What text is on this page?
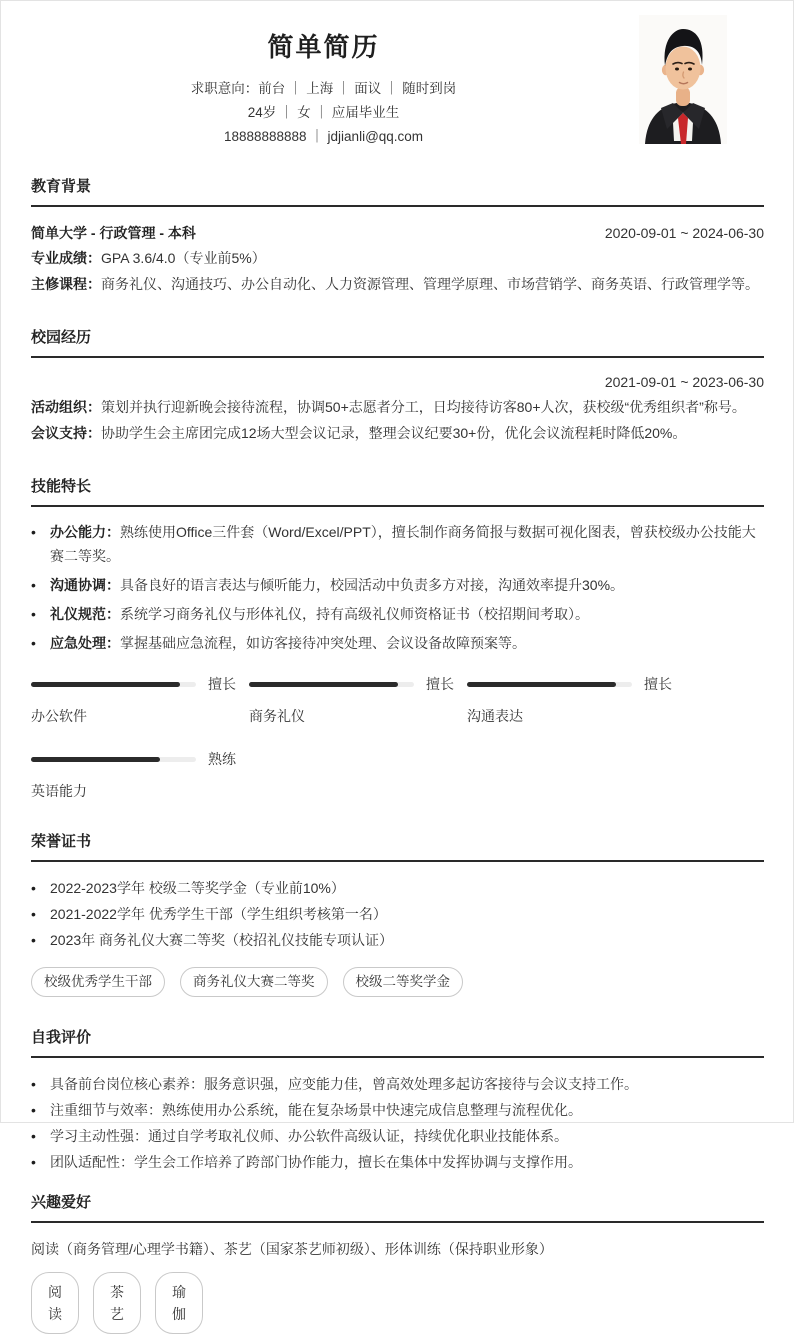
简单简历
求职意向：前台 ｜ 上海 ｜ 面议 ｜ 随时到岗
24岁 ｜ 女 ｜ 应届毕业生
18888888888 ｜ jdjianli@qq.com
教育背景
简单大学 - 行政管理 - 本科	2020-09-01 ~ 2024-06-30
专业成绩：GPA 3.6/4.0（专业前5%）
主修课程：商务礼仪、沟通技巧、办公自动化、人力资源管理、管理学原理、市场营销学、商务英语、行政管理学等。
校园经历
2021-09-01 ~ 2023-06-30
活动组织：策划并执行迎新晚会接待流程，协调50+志愿者分工，日均接待访客80+人次，获校级“优秀组织者”称号。
会议支持：协助学生会主席团完成12场大型会议记录，整理会议纪要30+份，优化会议流程耗时降低20%。
技能特长
•	办公能力：熟练使用Office三件套（Word/Excel/PPT），擅长制作商务简报与数据可视化图表，曾获校级办公技能大赛二等奖。
•	沟通协调：具备良好的语言表达与倾听能力，校园活动中负责多方对接，沟通效率提升30%。
•	礼仪规范：系统学习商务礼仪与形体礼仪，持有高级礼仪师资格证书（校招期间考取）。
•	应急处理：掌握基础应急流程，如访客接待冲突处理、会议设备故障预案等。
擅长
办公软件
擅长
商务礼仪
擅长
沟通表达
熟练
英语能力
荣誉证书
•	2022-2023学年 校级二等奖学金（专业前10%）
•	2021-2022学年 优秀学生干部（学生组织考核第一名）
•	2023年 商务礼仪大赛二等奖（校招礼仪技能专项认证）
校级优秀学生干部	商务礼仪大赛二等奖	校级二等奖学金
自我评价
•	具备前台岗位核心素养：服务意识强，应变能力佳，曾高效处理多起访客接待与会议支持工作。
•	注重细节与效率：熟练使用办公系统，能在复杂场景中快速完成信息整理与流程优化。
•	学习主动性强：通过自学考取礼仪师、办公软件高级认证，持续优化职业技能体系。
•	团队适配性：学生会工作培养了跨部门协作能力，擅长在集体中发挥协调与支撑作用。
兴趣爱好
阅读（商务管理/心理学书籍）、茶艺（国家茶艺师初级）、形体训练（保持职业形象）
阅读
茶艺
瑜伽
